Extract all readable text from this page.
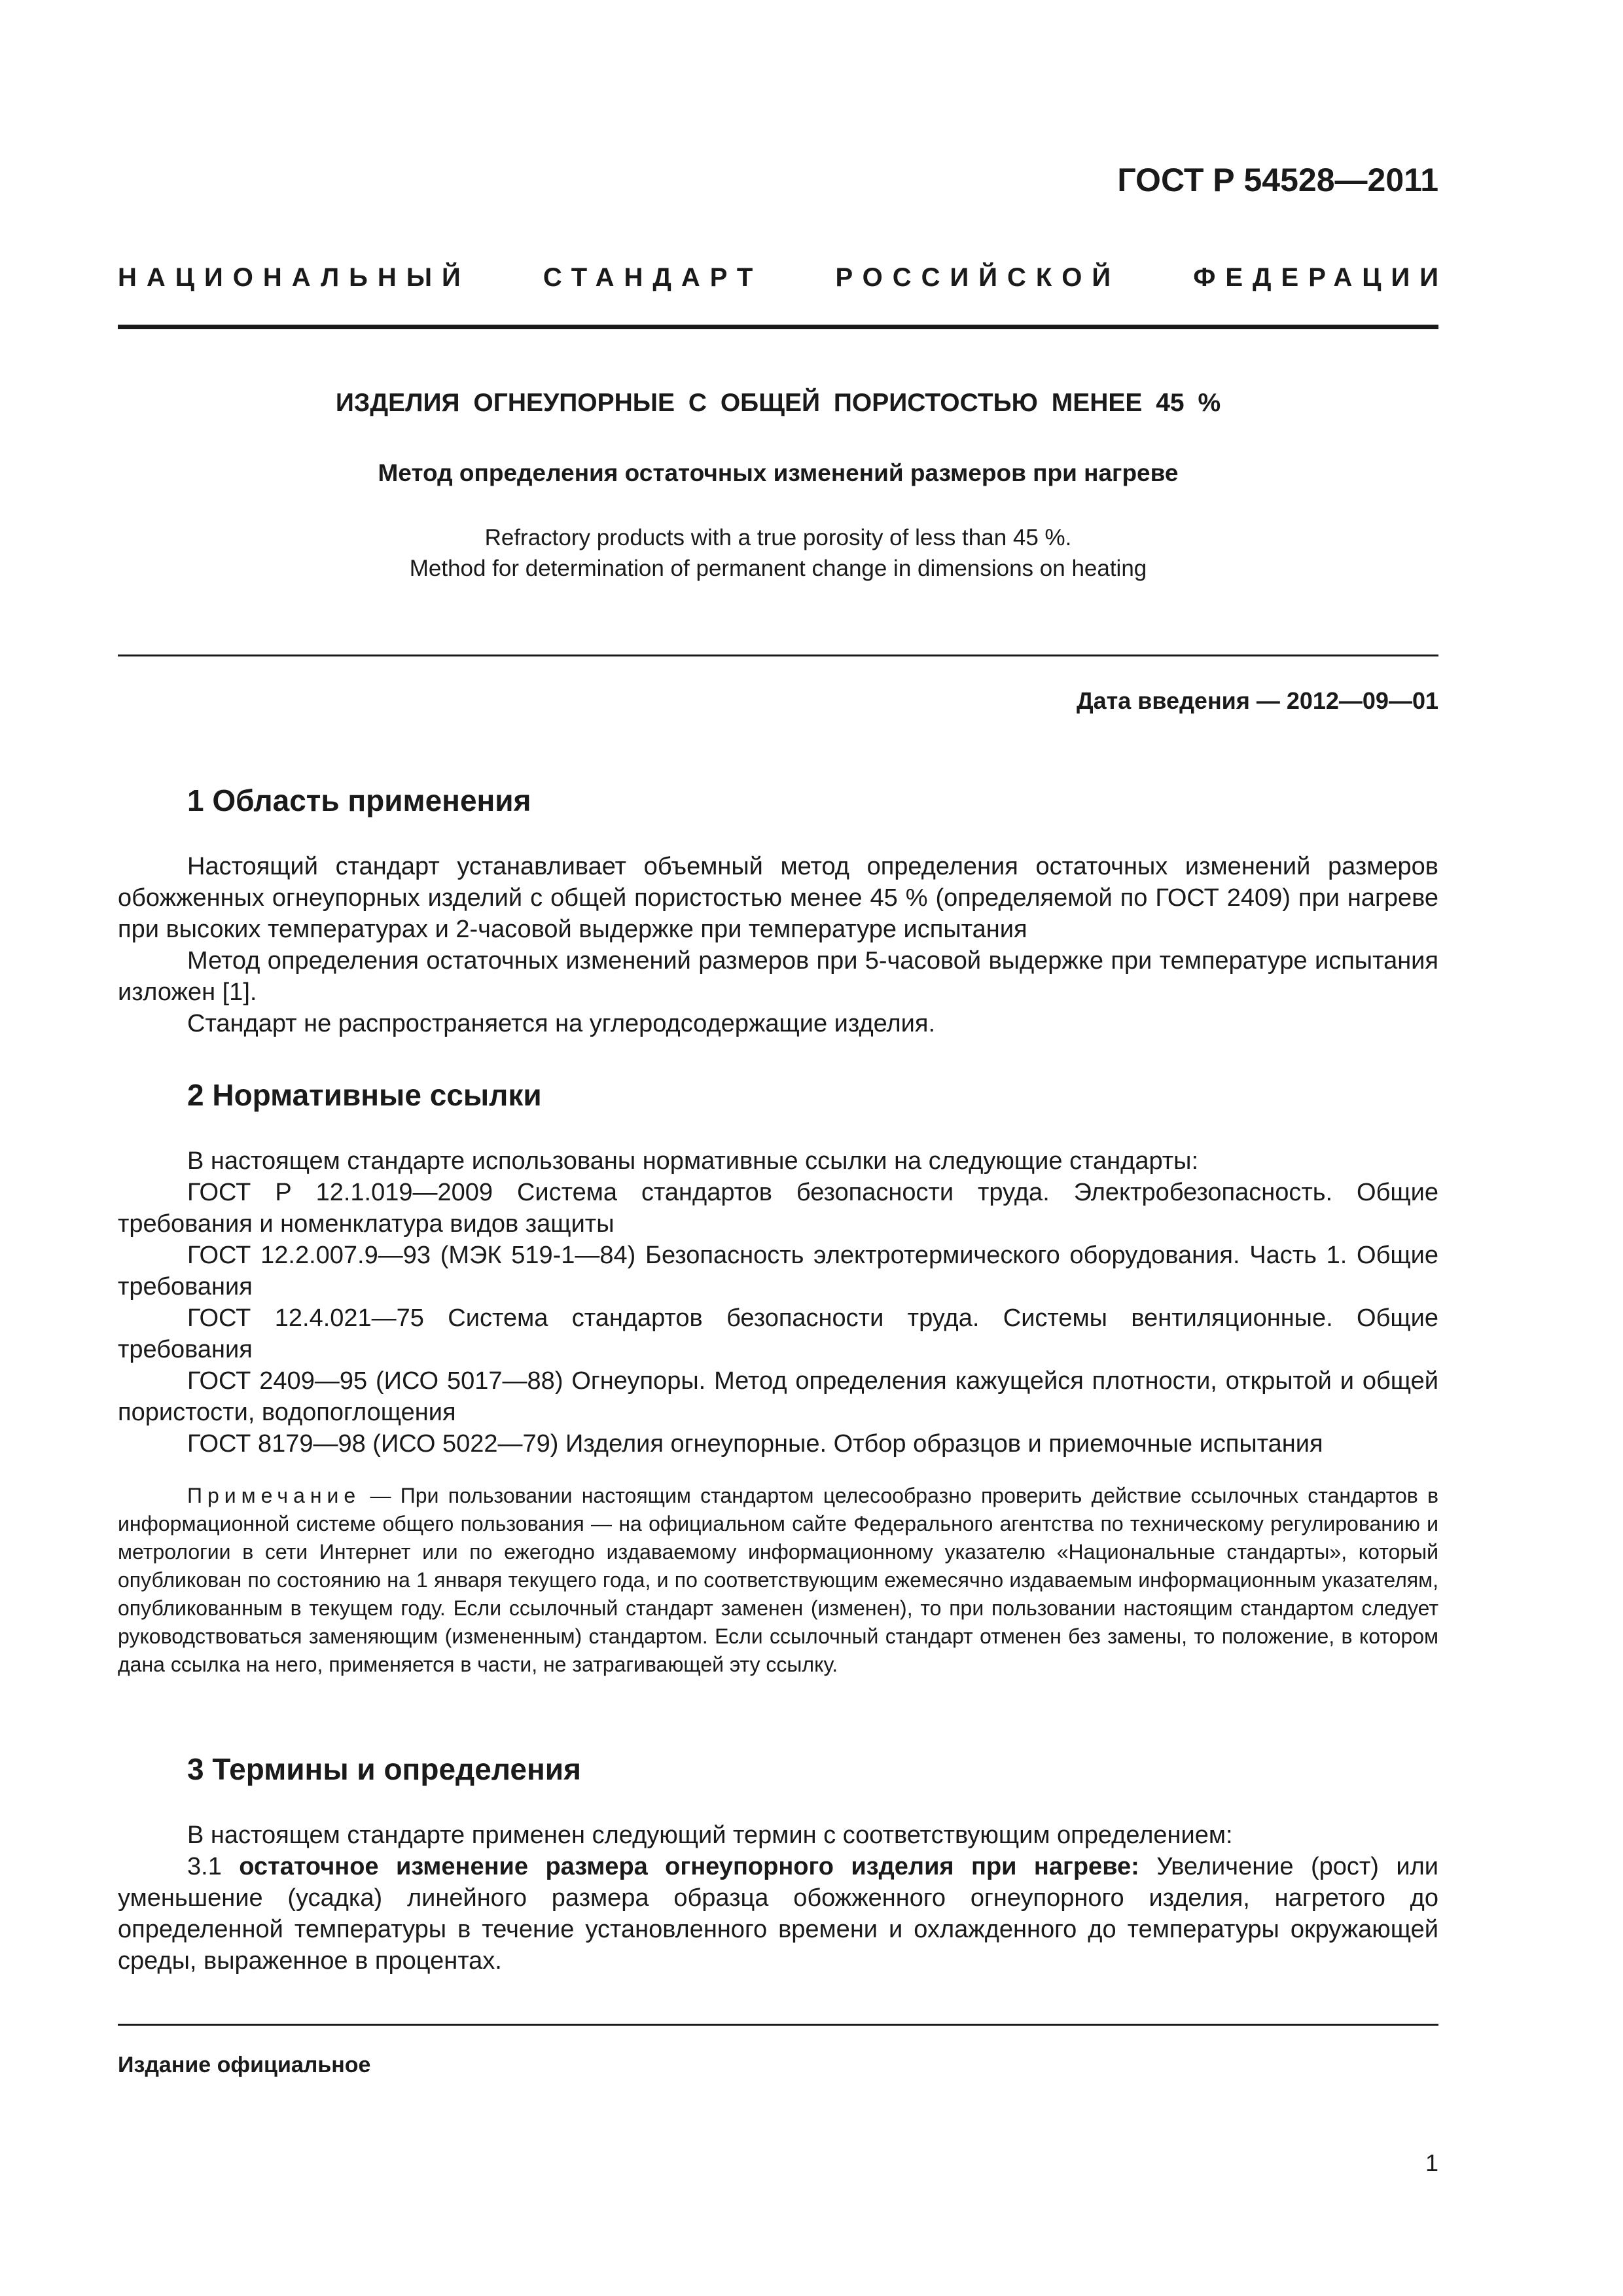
ГОСТ Р 54528—2011
НАЦИОНАЛЬНЫЙ	СТАНДАРТ	РОССИЙСКОЙ	ФЕДЕРАЦИИ
ИЗДЕЛИЯ ОГНЕУПОРНЫЕ С ОБЩЕЙ ПОРИСТОСТЬЮ МЕНЕЕ 45 %
Метод определения остаточных изменений размеров при нагреве
Refractory products with a true porosity of less than 45 %.
Method for determination of permanent change in dimensions on heating
Дата введения — 2012—09—01
1 Область применения

Настоящий стандарт устанавливает объемный метод определения остаточных изменений размеров обожженных огнеупорных изделий с общей пористостью менее 45 % (определяемой по ГОСТ 2409) при нагреве при высоких температурах и 2-часовой выдержке при температуре испытания

Метод определения остаточных изменений размеров при 5-часовой выдержке при температуре испытания изложен [1].

Стандарт не распространяется на углеродсодержащие изделия.

2 Нормативные ссылки

В настоящем стандарте использованы нормативные ссылки на следующие стандарты:

ГОСТ Р 12.1.019—2009 Система стандартов безопасности труда. Электробезопасность. Общие требования и номенклатура видов защиты

ГОСТ 12.2.007.9—93 (МЭК 519-1—84) Безопасность электротермического оборудования. Часть 1. Общие требования

ГОСТ 12.4.021—75 Система стандартов безопасности труда. Системы вентиляционные. Общие требования

ГОСТ 2409—95 (ИСО 5017—88) Огнеупоры. Метод определения кажущейся плотности, открытой и общей пористости, водопоглощения

ГОСТ 8179—98 (ИСО 5022—79) Изделия огнеупорные. Отбор образцов и приемочные испытания

Примечание — При пользовании настоящим стандартом целесообразно проверить действие ссылочных стандартов в информационной системе общего пользования — на официальном сайте Федерального агентства по техническому регулированию и метрологии в сети Интернет или по ежегодно издаваемому информационному указателю «Национальные стандарты», который опубликован по состоянию на 1 января текущего года, и по соответствующим ежемесячно издаваемым информационным указателям, опубликованным в текущем году. Если ссылочный стандарт заменен (изменен), то при пользовании настоящим стандартом следует руководствоваться заменяющим (измененным) стандартом. Если ссылочный стандарт отменен без замены, то положение, в котором дана ссылка на него, применяется в части, не затрагивающей эту ссылку.

3 Термины и определения

В настоящем стандарте применен следующий термин с соответствующим определением:

3.1 остаточное изменение размера огнеупорного изделия при нагреве: Увеличение (рост) или уменьшение (усадка) линейного размера образца обожженного огнеупорного изделия, нагретого до определенной температуры в течение установленного времени и охлажденного до температуры окружающей среды, выраженное в процентах.

Издание официальное
1
